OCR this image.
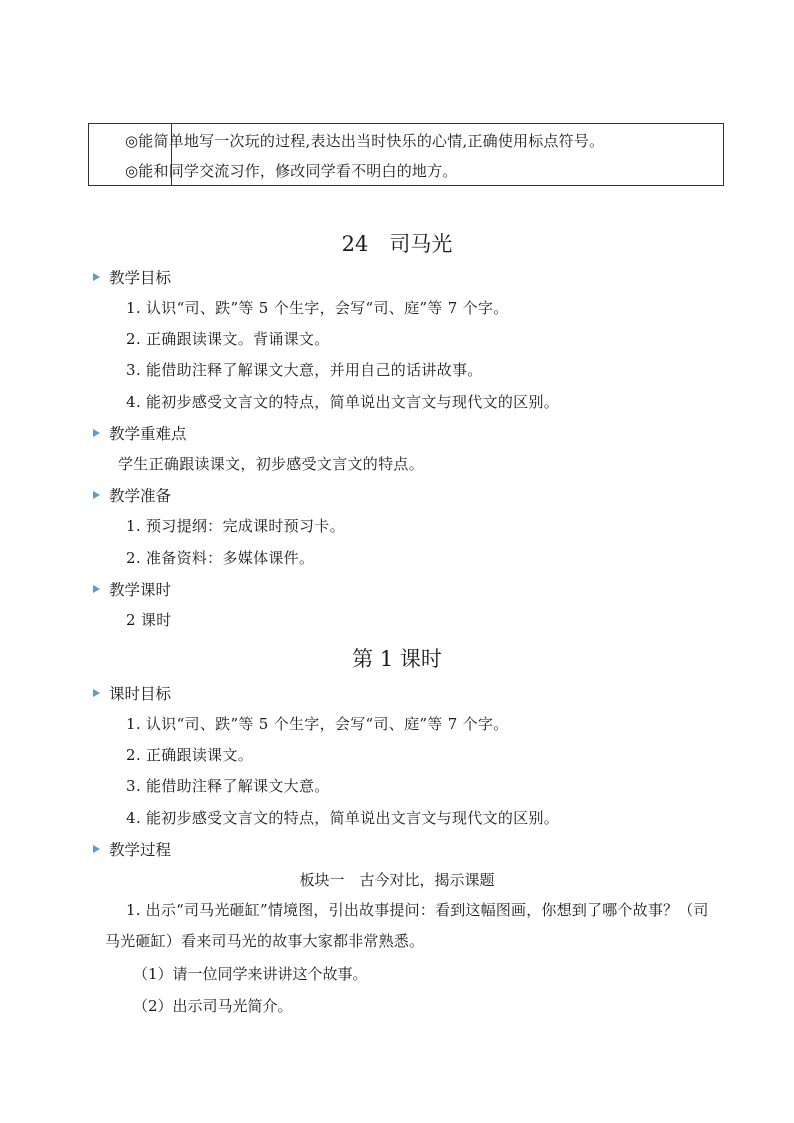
◎能简单地写一次玩的过程,表达出当时快乐的心情,正确使用标点符号。
◎能和同学交流习作，修改同学看不明白的地方。
24　司马光
教学目标
1. 认识“司、跌”等 5 个生字，会写“司、庭”等 7 个字。
2. 正确跟读课文。背诵课文。
3. 能借助注释了解课文大意，并用自己的话讲故事。
4. 能初步感受文言文的特点，简单说出文言文与现代文的区别。
教学重难点
学生正确跟读课文，初步感受文言文的特点。
教学准备
1. 预习提纲：完成课时预习卡。
2. 准备资料：多媒体课件。
教学课时
2 课时
第 1 课时
课时目标
1. 认识“司、跌”等 5 个生字，会写“司、庭”等 7 个字。
2. 正确跟读课文。
3. 能借助注释了解课文大意。
4. 能初步感受文言文的特点，简单说出文言文与现代文的区别。
教学过程
板块一　古今对比，揭示课题
1. 出示“司马光砸缸”情境图，引出故事提问：看到这幅图画，你想到了哪个故事？（司马光砸缸）看来司马光的故事大家都非常熟悉。
（1）请一位同学来讲讲这个故事。
（2）出示司马光简介。
